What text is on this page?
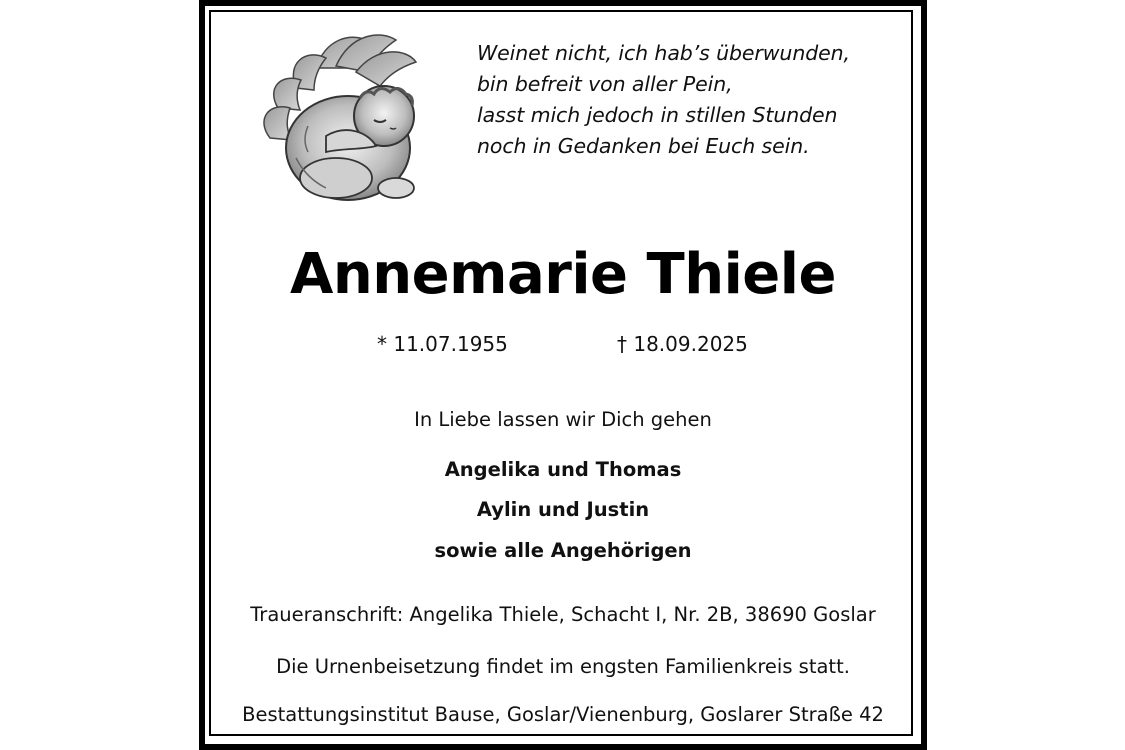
Weinet nicht, ich hab’s überwunden,
bin befreit von aller Pein,
lasst mich jedoch in stillen Stunden
noch in Gedanken bei Euch sein.
Annemarie Thiele
* 11.07.1955	† 18.09.2025
In Liebe lassen wir Dich gehen
Angelika und Thomas
Aylin und Justin
sowie alle Angehörigen
Traueranschrift: Angelika Thiele, Schacht Ⅰ, Nr. 2B, 38690 Goslar
Die Urnenbeisetzung findet im engsten Familienkreis statt.
Bestattungsinstitut Bause, Goslar/Vienenburg, Goslarer Straße 42
